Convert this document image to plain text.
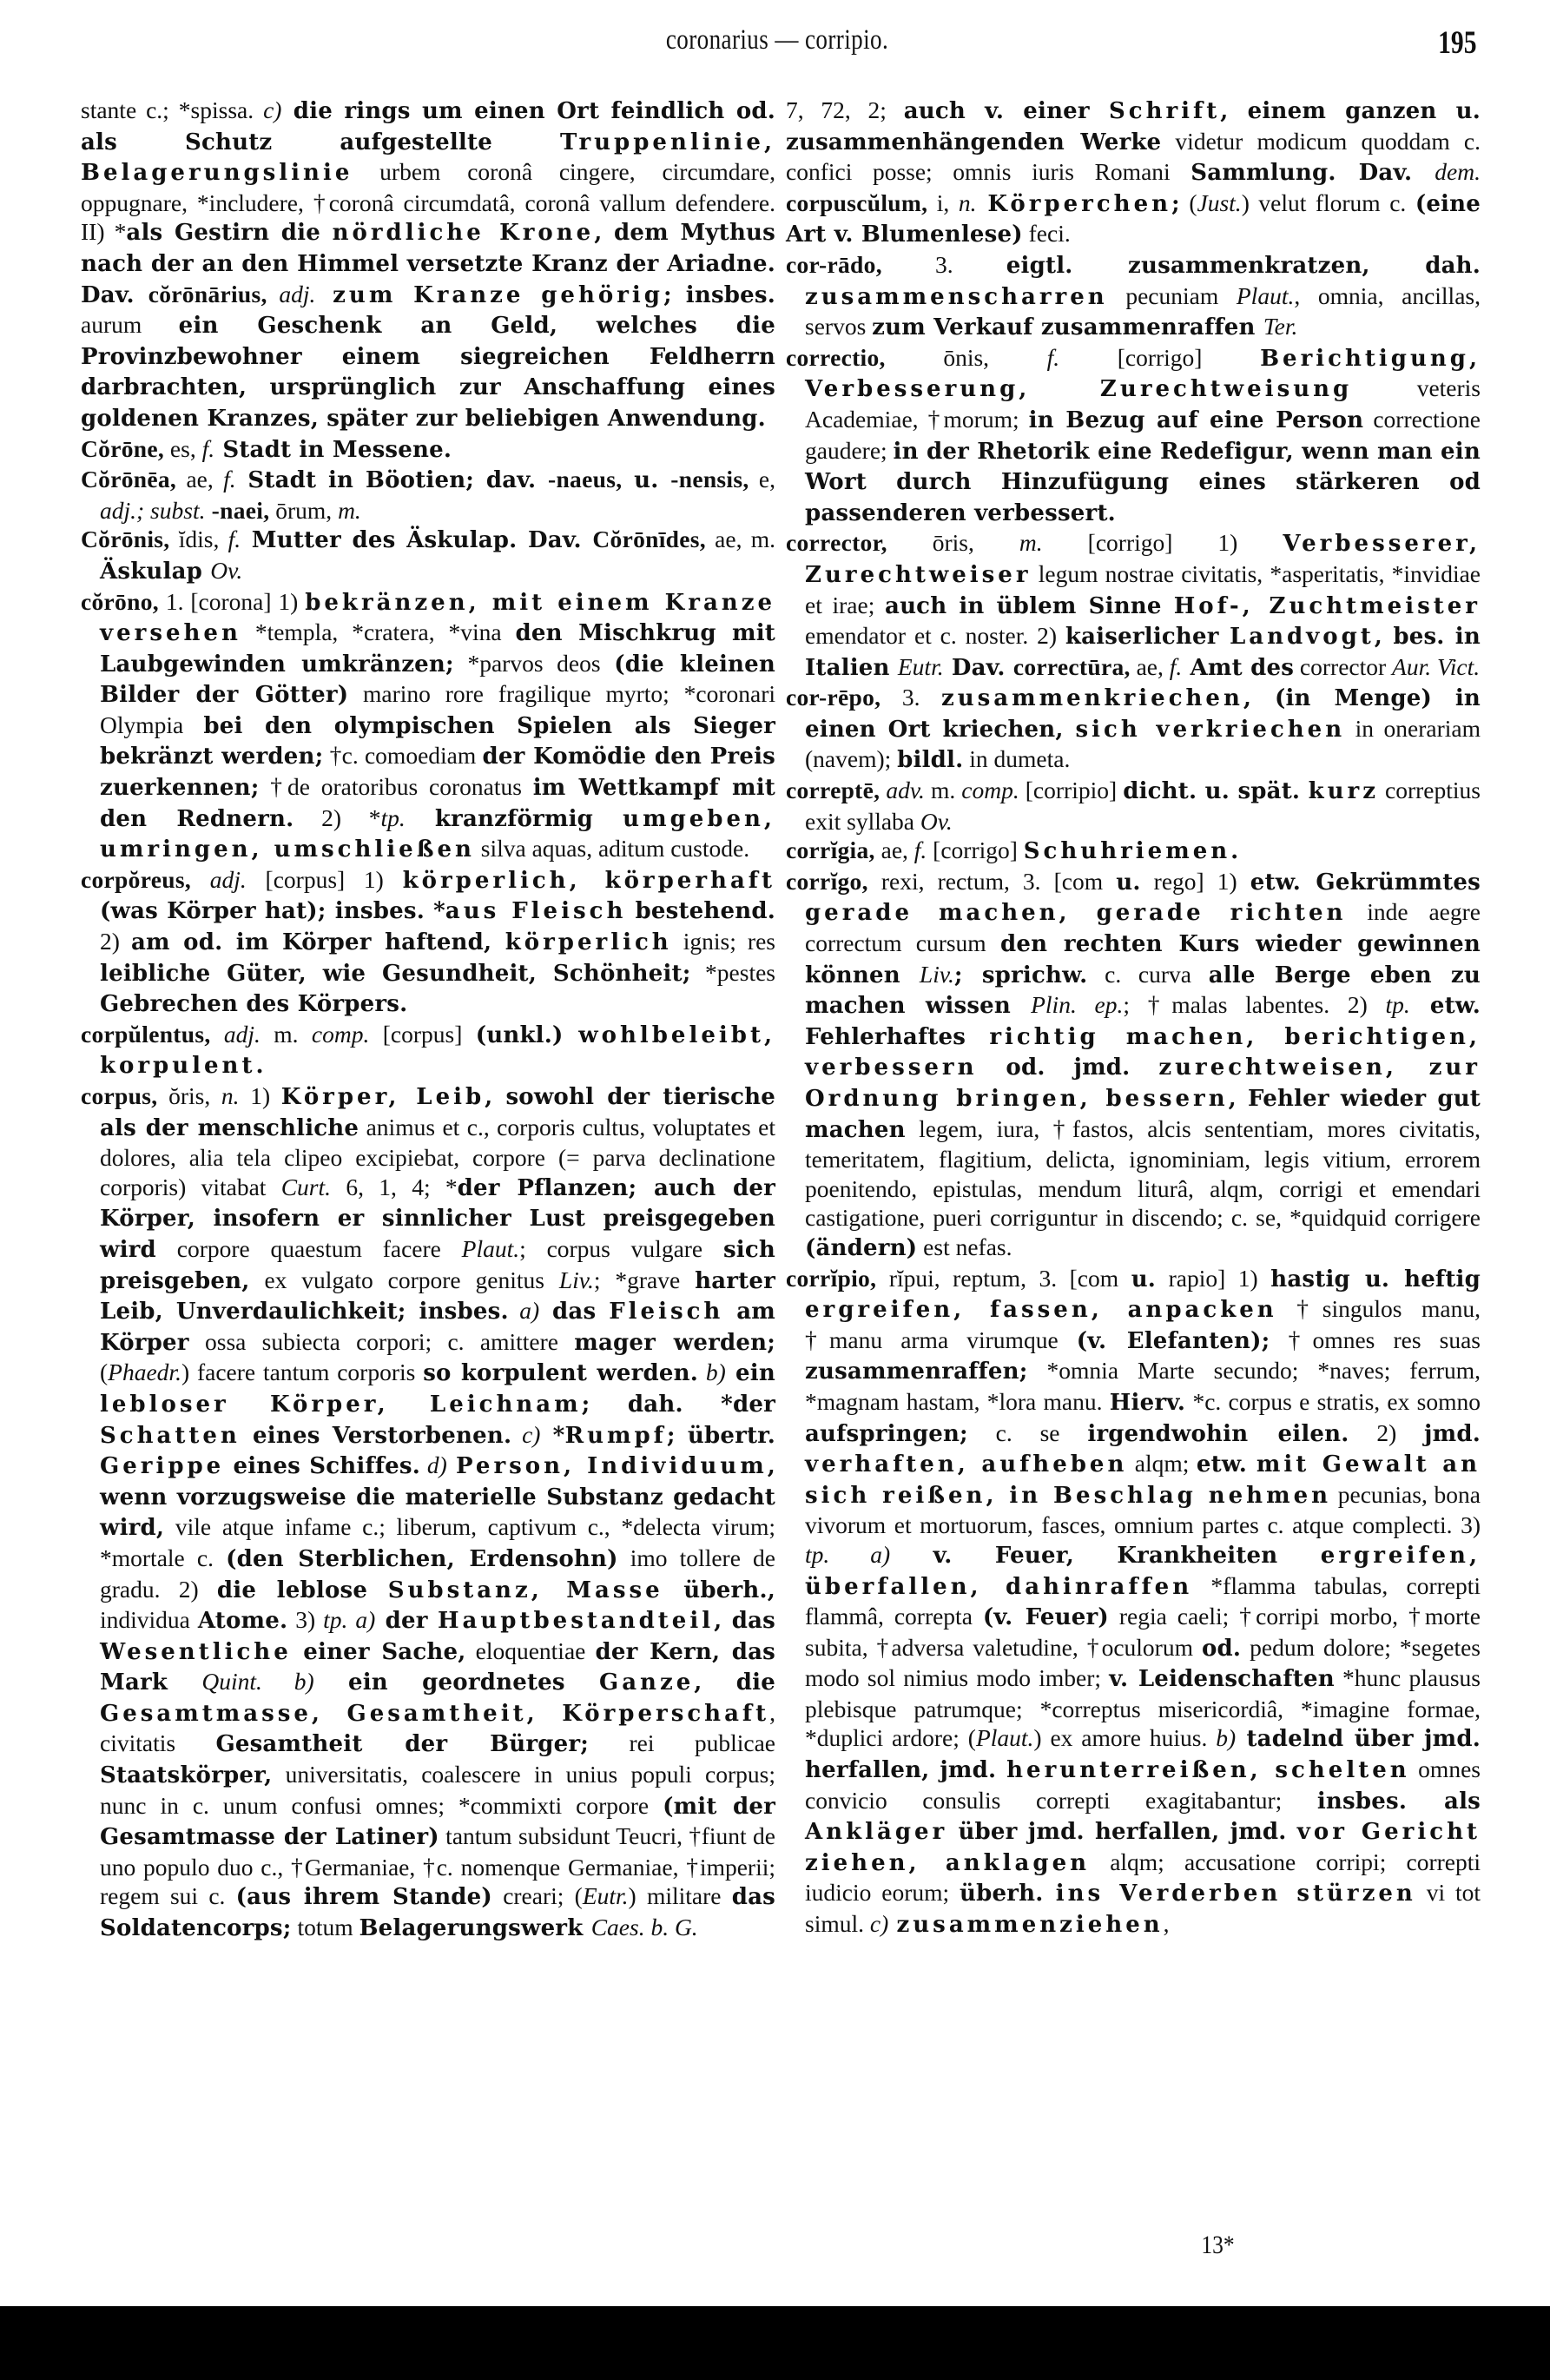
coronarius — corripio.	195

stante c.; *spissa. c) die rings um einen Ort feindlich od. als Schutz aufgestellte Truppenlinie, Belagerungslinie urbem coronâ cingere, circumdare, oppugnare, *includere, †coronâ circumdatâ, coronâ vallum defendere. II) *als Gestirn die nördliche Krone, dem Mythus nach der an den Himmel versetzte Kranz der Ariadne. Dav. cŏrōnārius, adj. zum Kranze gehörig; insbes. aurum ein Geschenk an Geld, welches die Provinzbewohner einem siegreichen Feldherrn darbrachten, ursprünglich zur Anschaffung eines goldenen Kranzes, später zur beliebigen Anwendung.

Cŏrōne, es, f. Stadt in Messene.

Cŏrōnēa, ae, f. Stadt in Böotien; dav. -naeus, u. -nensis, e, adj.; subst. -naei, ōrum, m.

Cŏrōnis, ĭdis, f. Mutter des Äskulap. Dav. Cŏrōnīdes, ae, m. Äskulap Ov.

cŏrōno, 1. [corona] 1) bekränzen, mit einem Kranze versehen *templa, *cratera, *vina den Mischkrug mit Laubgewinden umkränzen; *parvos deos (die kleinen Bilder der Götter) marino rore fragilique myrto; *coronari Olympia bei den olympischen Spielen als Sieger bekränzt werden; †c. comoediam der Komödie den Preis zuerkennen; †de oratoribus coronatus im Wettkampf mit den Rednern. 2) *tp. kranzförmig umgeben, umringen, umschließen silva aquas, aditum custode.

corpŏreus, adj. [corpus] 1) körperlich, körperhaft (was Körper hat); insbes. *aus Fleisch bestehend. 2) am od. im Körper haftend, körperlich ignis; res leibliche Güter, wie Gesundheit, Schönheit; *pestes Gebrechen des Körpers.

corpŭlentus, adj. m. comp. [corpus] (unkl.) wohlbeleibt, korpulent.

corpus, ŏris, n. 1) Körper, Leib, sowohl der tierische als der menschliche animus et c., corporis cultus, voluptates et dolores, alia tela clipeo excipiebat, corpore (= parva declinatione corporis) vitabat Curt. 6, 1, 4; *der Pflanzen; auch der Körper, insofern er sinnlicher Lust preisgegeben wird corpore quaestum facere Plaut.; corpus vulgare sich preisgeben, ex vulgato corpore genitus Liv.; *grave harter Leib, Unverdaulichkeit; insbes. a) das Fleisch am Körper ossa subiecta corpori; c. amittere mager werden; (Phaedr.) facere tantum corporis so korpulent werden. b) ein lebloser Körper, Leichnam; dah. *der Schatten eines Verstorbenen. c) *Rumpf; übertr. Gerippe eines Schiffes. d) Person, Individuum, wenn vorzugsweise die materielle Substanz gedacht wird, vile atque infame c.; liberum, captivum c., *delecta virum; *mortale c. (den Sterblichen, Erdensohn) imo tollere de gradu. 2) die leblose Substanz, Masse überh., individua Atome. 3) tp. a) der Hauptbestandteil, das Wesentliche einer Sache, eloquentiae der Kern, das Mark Quint. b) ein geordnetes Ganze, die Gesamtmasse, Gesamtheit, Körperschaft, civitatis Gesamtheit der Bürger; rei publicae Staatskörper, universitatis, coalescere in unius populi corpus; nunc in c. unum confusi omnes; *commixti corpore (mit der Gesamtmasse der Latiner) tantum subsidunt Teucri, †fiunt de uno populo duo c., †Germaniae, †c. nomenque Germaniae, †imperii; regem sui c. (aus ihrem Stande) creari; (Eutr.) militare das Soldatencorps; totum Belagerungswerk Caes. b. G.

7, 72, 2; auch v. einer Schrift, einem ganzen u. zusammenhängenden Werke videtur modicum quoddam c. confici posse; omnis iuris Romani Sammlung. Dav. dem. corpuscŭlum, i, n. Körperchen; (Just.) velut florum c. (eine Art v. Blumenlese) feci.

cor-rādo, 3. eigtl. zusammenkratzen, dah. zusammenscharren pecuniam Plaut., omnia, ancillas, servos zum Verkauf zusammenraffen Ter.

correctio, ōnis, f. [corrigo] Berichtigung, Verbesserung, Zurechtweisung veteris Academiae, †morum; in Bezug auf eine Person correctione gaudere; in der Rhetorik eine Redefigur, wenn man ein Wort durch Hinzufügung eines stärkeren od passenderen verbessert.

corrector, ōris, m. [corrigo] 1) Verbesserer, Zurechtweiser legum nostrae civitatis, *asperitatis, *invidiae et irae; auch in üblem Sinne Hof-, Zuchtmeister emendator et c. noster. 2) kaiserlicher Landvogt, bes. in Italien Eutr. Dav. correctūra, ae, f. Amt des corrector Aur. Vict.

cor-rēpo, 3. zusammenkriechen, (in Menge) in einen Ort kriechen, sich verkriechen in onerariam (navem); bildl. in dumeta.

correptē, adv. m. comp. [corripio] dicht. u. spät. kurz correptius exit syllaba Ov.

corrĭgia, ae, f. [corrigo] Schuhriemen.

corrĭgo, rexi, rectum, 3. [com u. rego] 1) etw. Gekrümmtes gerade machen, gerade richten inde aegre correctum cursum den rechten Kurs wieder gewinnen können Liv.; sprichw. c. curva alle Berge eben zu machen wissen Plin. ep.; †malas labentes. 2) tp. etw. Fehlerhaftes richtig machen, berichtigen, verbessern od. jmd. zurechtweisen, zur Ordnung bringen, bessern, Fehler wieder gut machen legem, iura, †fastos, alcis sententiam, mores civitatis, temeritatem, flagitium, delicta, ignominiam, legis vitium, errorem poenitendo, epistulas, mendum liturâ, alqm, corrigi et emendari castigatione, pueri corriguntur in discendo; c. se, *quidquid corrigere (ändern) est nefas.

corrĭpio, rĭpui, reptum, 3. [com u. rapio] 1) hastig u. heftig ergreifen, fassen, anpacken †singulos manu, †manu arma virumque (v. Elefanten); †omnes res suas zusammenraffen; *omnia Marte secundo; *naves; ferrum, *magnam hastam, *lora manu. Hierv. *c. corpus e stratis, ex somno aufspringen; c. se irgendwohin eilen. 2) jmd. verhaften, aufheben alqm; etw. mit Gewalt an sich reißen, in Beschlag nehmen pecunias, bona vivorum et mortuorum, fasces, omnium partes c. atque complecti. 3) tp. a) v. Feuer, Krankheiten ergreifen, überfallen, dahinraffen *flamma tabulas, correpti flammâ, correpta (v. Feuer) regia caeli; †corripi morbo, †morte subita, †adversa valetudine, †oculorum od. pedum dolore; *segetes modo sol nimius modo imber; v. Leidenschaften *hunc plausus plebisque patrumque; *correptus misericordiâ, *imagine formae, *duplici ardore; (Plaut.) ex amore huius. b) tadelnd über jmd. herfallen, jmd. herunterreißen, schelten omnes convicio consulis correpti exagitabantur; insbes. als Ankläger über jmd. herfallen, jmd. vor Gericht ziehen, anklagen alqm; accusatione corripi; correpti iudicio eorum; überh. ins Verderben stürzen vi tot simul. c) zusammenziehen,

13*
